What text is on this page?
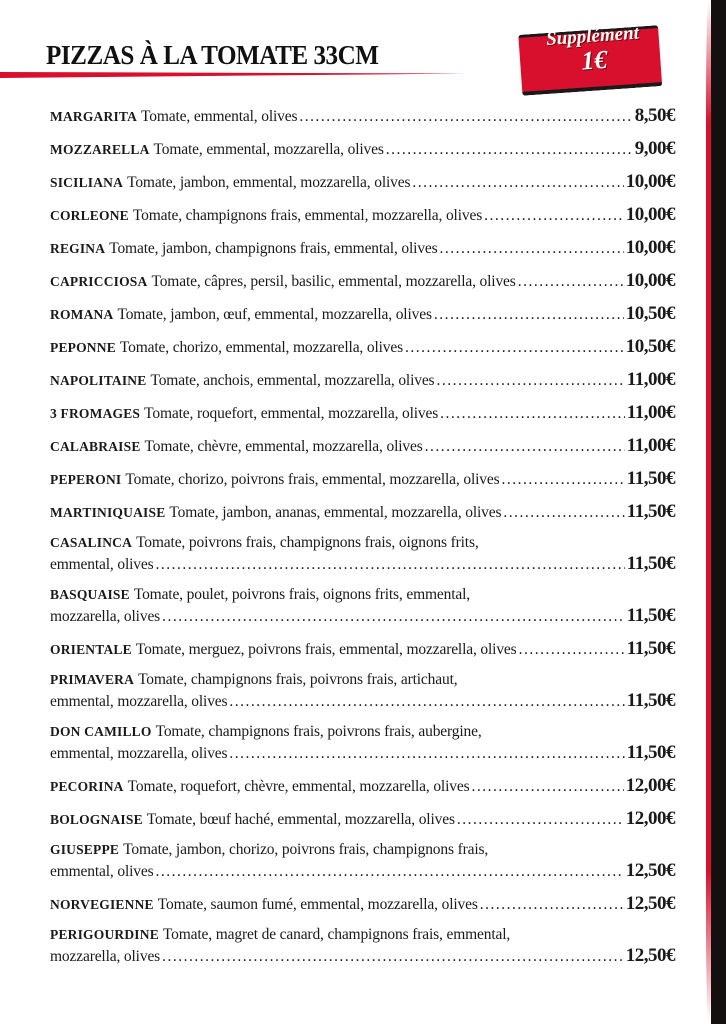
PIZZAS À LA TOMATE 33CM
Supplément
1€
MARGARITA Tomate, emmental, olives .....	8,50€
MOZZARELLA Tomate, emmental, mozzarella, olives .....	9,00€
SICILIANA Tomate, jambon, emmental, mozzarella, olives .....	10,00€
CORLEONE Tomate, champignons frais, emmental, mozzarella, olives .....	10,00€
REGINA Tomate, jambon, champignons frais, emmental, olives .....	10,00€
CAPRICCIOSA Tomate, câpres, persil, basilic, emmental, mozzarella, olives .....	10,00€
ROMANA Tomate, jambon, œuf, emmental, mozzarella, olives .....	10,50€
PEPONNE Tomate, chorizo, emmental, mozzarella, olives .....	10,50€
NAPOLITAINE Tomate, anchois, emmental, mozzarella, olives .....	11,00€
3 FROMAGES Tomate, roquefort, emmental, mozzarella, olives .....	11,00€
CALABRAISE Tomate, chèvre, emmental, mozzarella, olives .....	11,00€
PEPERONI Tomate, chorizo, poivrons frais, emmental, mozzarella, olives .....	11,50€
MARTINIQUAISE Tomate, jambon, ananas, emmental, mozzarella, olives .....	11,50€
CASALINCA Tomate, poivrons frais, champignons frais, oignons frits,
emmental, olives .....	11,50€
BASQUAISE Tomate, poulet, poivrons frais, oignons frits, emmental,
mozzarella, olives .....	11,50€
ORIENTALE Tomate, merguez, poivrons frais, emmental, mozzarella, olives .....	11,50€
PRIMAVERA Tomate, champignons frais, poivrons frais, artichaut,
emmental, mozzarella, olives .....	11,50€
DON CAMILLO Tomate, champignons frais, poivrons frais, aubergine,
emmental, mozzarella, olives .....	11,50€
PECORINA Tomate, roquefort, chèvre, emmental, mozzarella, olives .....	12,00€
BOLOGNAISE Tomate, bœuf haché, emmental, mozzarella, olives .....	12,00€
GIUSEPPE Tomate, jambon, chorizo, poivrons frais, champignons frais,
emmental, olives .....	12,50€
NORVEGIENNE Tomate, saumon fumé, emmental, mozzarella, olives .....	12,50€
PERIGOURDINE Tomate, magret de canard, champignons frais, emmental,
mozzarella, olives .....	12,50€
